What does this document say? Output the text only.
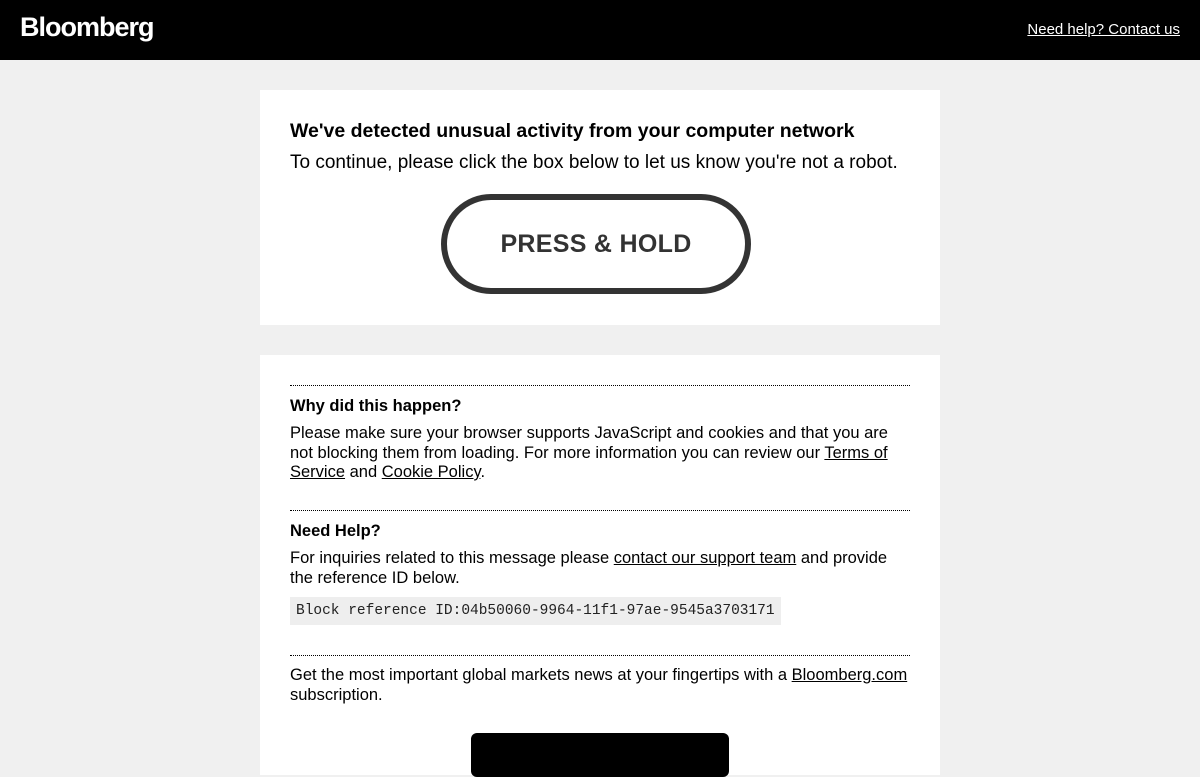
Bloomberg	Need help? Contact us

We've detected unusual activity from your computer network

To continue, please click the box below to let us know you're not a robot.

PRESS & HOLD

Why did this happen?

Please make sure your browser supports JavaScript and cookies and that you are not blocking them from loading. For more information you can review our Terms of Service and Cookie Policy.

Need Help?

For inquiries related to this message please contact our support team and provide the reference ID below.

Block reference ID:04b50060-9964-11f1-97ae-9545a3703171

Get the most important global markets news at your fingertips with a Bloomberg.com subscription.
